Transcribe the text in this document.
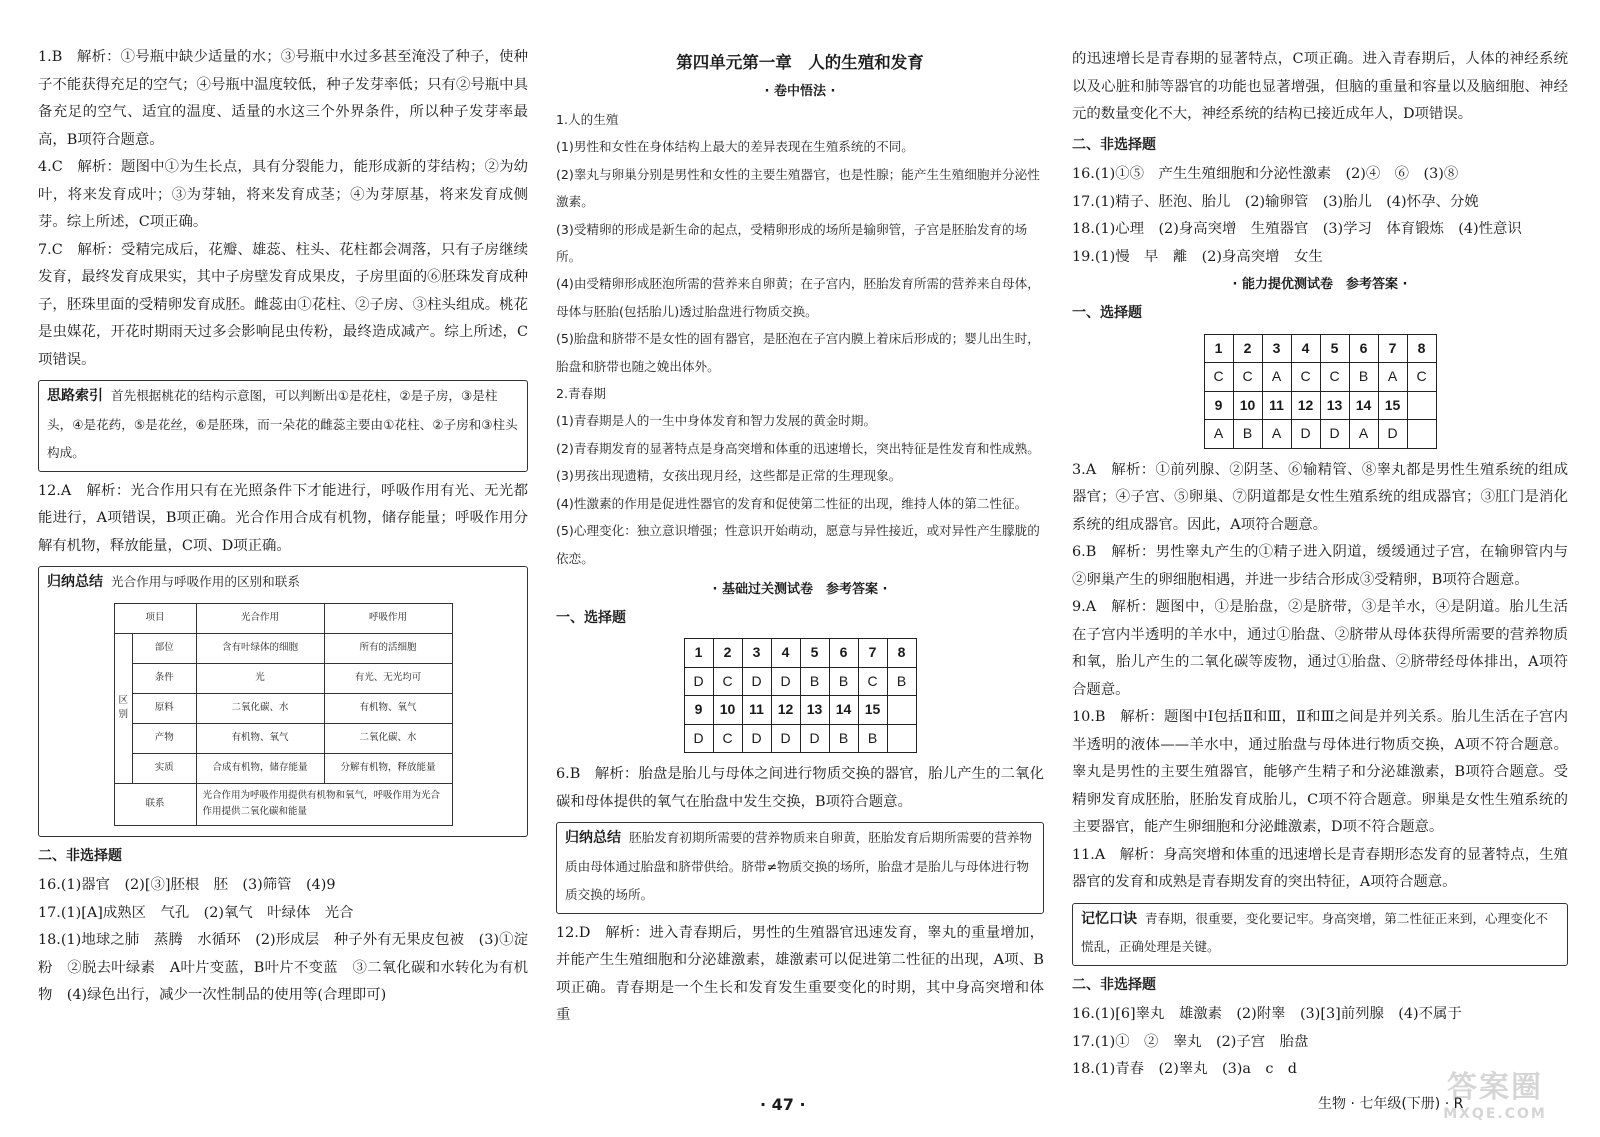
1.B　解析：①号瓶中缺少适量的水；③号瓶中水过多甚至淹没了种子，使种子不能获得充足的空气；④号瓶中温度较低，种子发芽率低；只有②号瓶中具备充足的空气、适宜的温度、适量的水这三个外界条件，所以种子发芽率最高，B项符合题意。

4.C　解析：题图中①为生长点，具有分裂能力，能形成新的芽结构；②为幼叶，将来发育成叶；③为芽轴，将来发育成茎；④为芽原基，将来发育成侧芽。综上所述，C项正确。

7.C　解析：受精完成后，花瓣、雄蕊、柱头、花柱都会凋落，只有子房继续发育，最终发育成果实，其中子房壁发育成果皮，子房里面的⑥胚珠发育成种子，胚珠里面的受精卵发育成胚。雌蕊由①花柱、②子房、③柱头组成。桃花是虫媒花，开花时期雨天过多会影响昆虫传粉，最终造成减产。综上所述，C项错误。

思路索引 首先根据桃花的结构示意图，可以判断出①是花柱，②是子房，③是柱头，④是花药，⑤是花丝，⑥是胚珠，而一朵花的雌蕊主要由①花柱、②子房和③柱头构成。

12.A　解析：光合作用只有在光照条件下才能进行，呼吸作用有光、无光都能进行，A项错误，B项正确。光合作用合成有机物，储存能量；呼吸作用分解有机物，释放能量，C项、D项正确。

归纳总结 光合作用与呼吸作用的区别和联系
项目		光合作用	呼吸作用
区别	部位	含有叶绿体的细胞	所有的活细胞
	条件	光	有光、无光均可
	原料	二氧化碳、水	有机物、氧气
	产物	有机物、氧气	二氧化碳、水
	实质	合成有机物，储存能量	分解有机物，释放能量
联系		光合作用为呼吸作用提供有机物和氧气，呼吸作用为光合作用提供二氧化碳和能量	
二、非选择题

16.(1)器官　(2)[③]胚根　胚　(3)筛管　(4)9

17.(1)[A]成熟区　气孔　(2)氧气　叶绿体　光合

18.(1)地球之肺　蒸腾　水循环　(2)形成层　种子外有无果皮包被　(3)①淀粉　②脱去叶绿素　A叶片变蓝，B叶片不变蓝　③二氧化碳和水转化为有机物　(4)绿色出行，减少一次性制品的使用等(合理即可)

第四单元第一章　人的生殖和发育
· 卷中悟法 ·
1.人的生殖

(1)男性和女性在身体结构上最大的差异表现在生殖系统的不同。

(2)睾丸与卵巢分别是男性和女性的主要生殖器官，也是性腺；能产生生殖细胞并分泌性激素。

(3)受精卵的形成是新生命的起点，受精卵形成的场所是输卵管，子宫是胚胎发育的场所。

(4)由受精卵形成胚泡所需的营养来自卵黄；在子宫内，胚胎发育所需的营养来自母体，母体与胚胎(包括胎儿)透过胎盘进行物质交换。

(5)胎盘和脐带不是女性的固有器官，是胚泡在子宫内膜上着床后形成的；婴儿出生时，胎盘和脐带也随之娩出体外。

2.青春期

(1)青春期是人的一生中身体发育和智力发展的黄金时期。

(2)青春期发育的显著特点是身高突增和体重的迅速增长，突出特征是性发育和性成熟。

(3)男孩出现遗精，女孩出现月经，这些都是正常的生理现象。

(4)性激素的作用是促进性器官的发育和促使第二性征的出现，维持人体的第二性征。

(5)心理变化：独立意识增强；性意识开始萌动，愿意与异性接近，或对异性产生朦胧的依恋。

· 基础过关测试卷　参考答案 ·
一、选择题
1	2	3	4	5	6	7	8
D	C	D	D	B	B	C	B
9	10	11	12	13	14	15	
D	C	D	D	D	B	B	

6.B　解析：胎盘是胎儿与母体之间进行物质交换的器官，胎儿产生的二氧化碳和母体提供的氧气在胎盘中发生交换，B项符合题意。

归纳总结 胚胎发育初期所需要的营养物质来自卵黄，胚胎发育后期所需要的营养物质由母体通过胎盘和脐带供给。脐带≠物质交换的场所，胎盘才是胎儿与母体进行物质交换的场所。

12.D　解析：进入青春期后，男性的生殖器官迅速发育，睾丸的重量增加，并能产生生殖细胞和分泌雄激素，雄激素可以促进第二性征的出现，A项、B项正确。青春期是一个生长和发育发生重要变化的时期，其中身高突增和体重

的迅速增长是青春期的显著特点，C项正确。进入青春期后，人体的神经系统以及心脏和肺等器官的功能也显著增强，但脑的重量和容量以及脑细胞、神经元的数量变化不大，神经系统的结构已接近成年人，D项错误。

二、非选择题

16.(1)①⑤　产生生殖细胞和分泌性激素　(2)④　⑥　(3)⑧

17.(1)精子、胚泡、胎儿　(2)输卵管　(3)胎儿　(4)怀孕、分娩

18.(1)心理　(2)身高突增　生殖器官　(3)学习　体育锻炼　(4)性意识

19.(1)慢　早　離　(2)身高突增　女生

· 能力提优测试卷　参考答案 ·
一、选择题
1	2	3	4	5	6	7	8
C	C	A	C	C	B	A	C
9	10	11	12	13	14	15	
A	B	A	D	D	A	D	

3.A　解析：①前列腺、②阴茎、⑥输精管、⑧睾丸都是男性生殖系统的组成器官；④子宫、⑤卵巢、⑦阴道都是女性生殖系统的组成器官；③肛门是消化系统的组成器官。因此，A项符合题意。

6.B　解析：男性睾丸产生的①精子进入阴道，缓缓通过子宫，在输卵管内与②卵巢产生的卵细胞相遇，并进一步结合形成③受精卵，B项符合题意。

9.A　解析：题图中，①是胎盘，②是脐带，③是羊水，④是阴道。胎儿生活在子宫内半透明的羊水中，通过①胎盘、②脐带从母体获得所需要的营养物质和氧，胎儿产生的二氧化碳等废物，通过①胎盘、②脐带经母体排出，A项符合题意。

10.B　解析：题图中Ⅰ包括Ⅱ和Ⅲ，Ⅱ和Ⅲ之间是并列关系。胎儿生活在子宫内半透明的液体——羊水中，通过胎盘与母体进行物质交换，A项不符合题意。睾丸是男性的主要生殖器官，能够产生精子和分泌雄激素，B项符合题意。受精卵发育成胚胎，胚胎发育成胎儿，C项不符合题意。卵巢是女性生殖系统的主要器官，能产生卵细胞和分泌雌激素，D项不符合题意。

11.A　解析：身高突增和体重的迅速增长是青春期形态发育的显著特点，生殖器官的发育和成熟是青春期发育的突出特征，A项符合题意。

记忆口诀 青春期，很重要，变化要记牢。身高突增，第二性征正来到，心理变化不慌乱，正确处理是关键。
二、非选择题

16.(1)[6]睾丸　雄激素　(2)附睾　(3)[3]前列腺　(4)不属于

17.(1)①　②　睾丸　(2)子宫　胎盘

18.(1)青春　(2)睾丸　(3)a　c　d

· 47 ·	生物 · 七年级(下册) · R
答案圈
MXQE.COM
